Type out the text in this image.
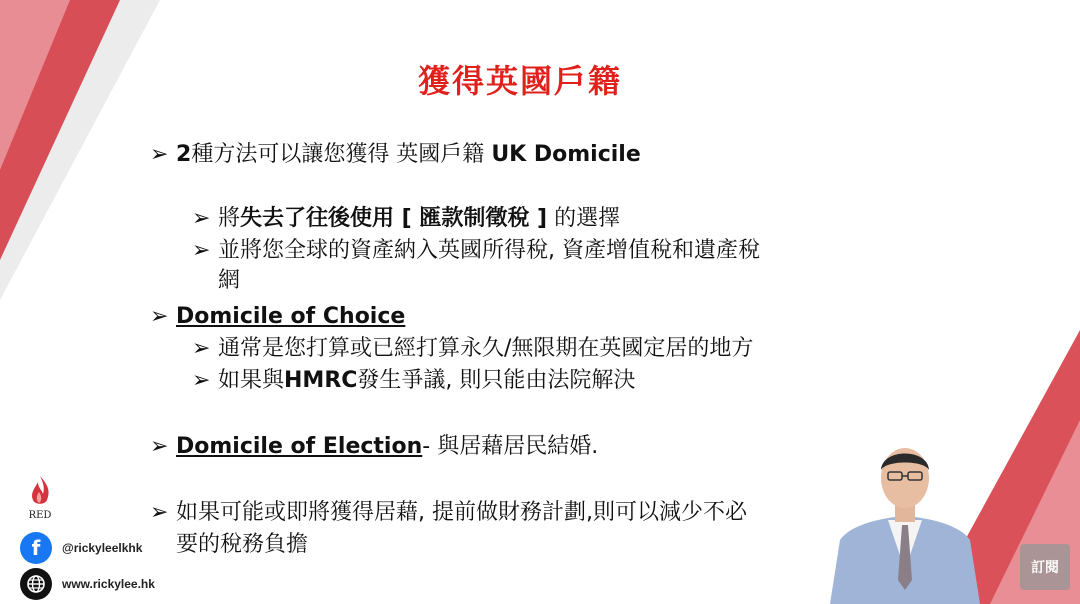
獲得英國戶籍
➢ 2種方法可以讓您獲得 英國戶籍 UK Domicile
➢ 將失去了往後使用 [ 匯款制徵稅 ] 的選擇
➢ 並將您全球的資產納入英國所得稅, 資產增值稅和遺產稅
網
➢ Domicile of Choice
➢ 通常是您打算或已經打算永久/無限期在英國定居的地方
➢ 如果與HMRC發生爭議, 則只能由法院解決
➢ Domicile of Election- 與居藉居民結婚.
➢ 如果可能或即將獲得居藉, 提前做財務計劃,則可以減少不必
要的稅務負擔
RED
f	@rickyleelkhk
www.rickylee.hk
訂閱
